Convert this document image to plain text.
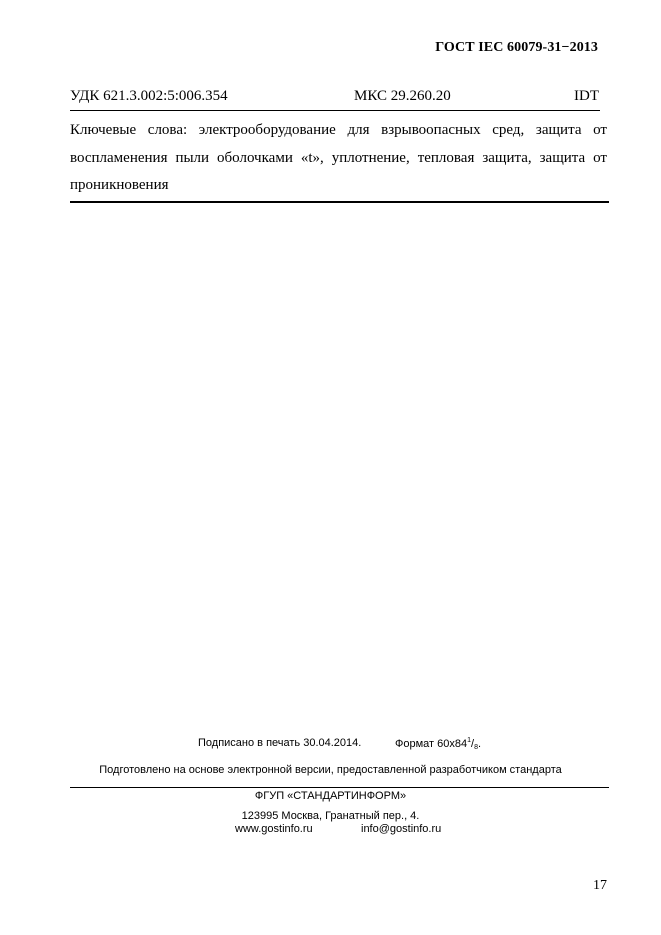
ГОСТ IEC 60079-31−2013
УДК 621.3.002:5:006.354	МКС 29.260.20	IDT
Ключевые слова: электрооборудование для взрывоопасных сред, защита от воспламенения пыли оболочками «t», уплотнение, тепловая защита, защита от проникновения
Подписано в печать 30.04.2014.	Формат $60x84^1/_8$.
Подготовлено на основе электронной версии, предоставленной разработчиком стандарта
ФГУП «СТАНДАРТИНФОРМ»
123995 Москва, Гранатный пер., 4.
www.gostinfo.ru	info@gostinfo.ru
17
